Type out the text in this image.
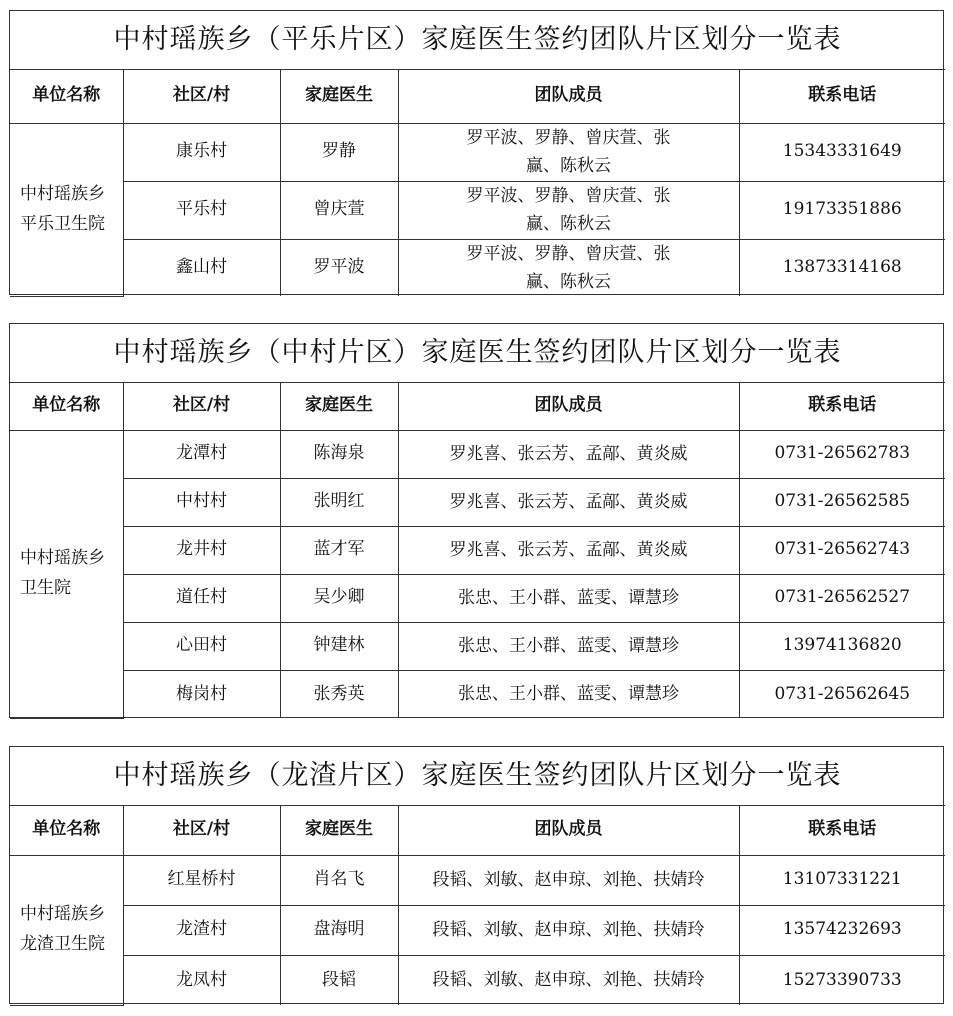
中村瑶族乡（平乐片区）家庭医生签约团队片区划分一览表				
单位名称	社区/村	家庭医生	团队成员	联系电话
中村瑶族乡平乐卫生院	康乐村	罗静	罗平波、罗静、曾庆萱、张赢、陈秋云	15343331649
	平乐村	曾庆萱	罗平波、罗静、曾庆萱、张赢、陈秋云	19173351886
	鑫山村	罗平波	罗平波、罗静、曾庆萱、张赢、陈秋云	13873314168
中村瑶族乡（中村片区）家庭医生签约团队片区划分一览表				
单位名称	社区/村	家庭医生	团队成员	联系电话
中村瑶族乡卫生院	龙潭村	陈海泉	罗兆喜、张云芳、孟鄗、黄炎威	0731-26562783
	中村村	张明红	罗兆喜、张云芳、孟鄗、黄炎威	0731-26562585
	龙井村	蓝才军	罗兆喜、张云芳、孟鄗、黄炎威	0731-26562743
	道任村	吴少卿	张忠、王小群、蓝雯、谭慧珍	0731-26562527
	心田村	钟建林	张忠、王小群、蓝雯、谭慧珍	13974136820
	梅岗村	张秀英	张忠、王小群、蓝雯、谭慧珍	0731-26562645
中村瑶族乡（龙渣片区）家庭医生签约团队片区划分一览表				
单位名称	社区/村	家庭医生	团队成员	联系电话
中村瑶族乡龙渣卫生院	红星桥村	肖名飞	段韬、刘敏、赵申琼、刘艳、扶婧玲	13107331221
	龙渣村	盘海明	段韬、刘敏、赵申琼、刘艳、扶婧玲	13574232693
	龙凤村	段韬	段韬、刘敏、赵申琼、刘艳、扶婧玲	15273390733
